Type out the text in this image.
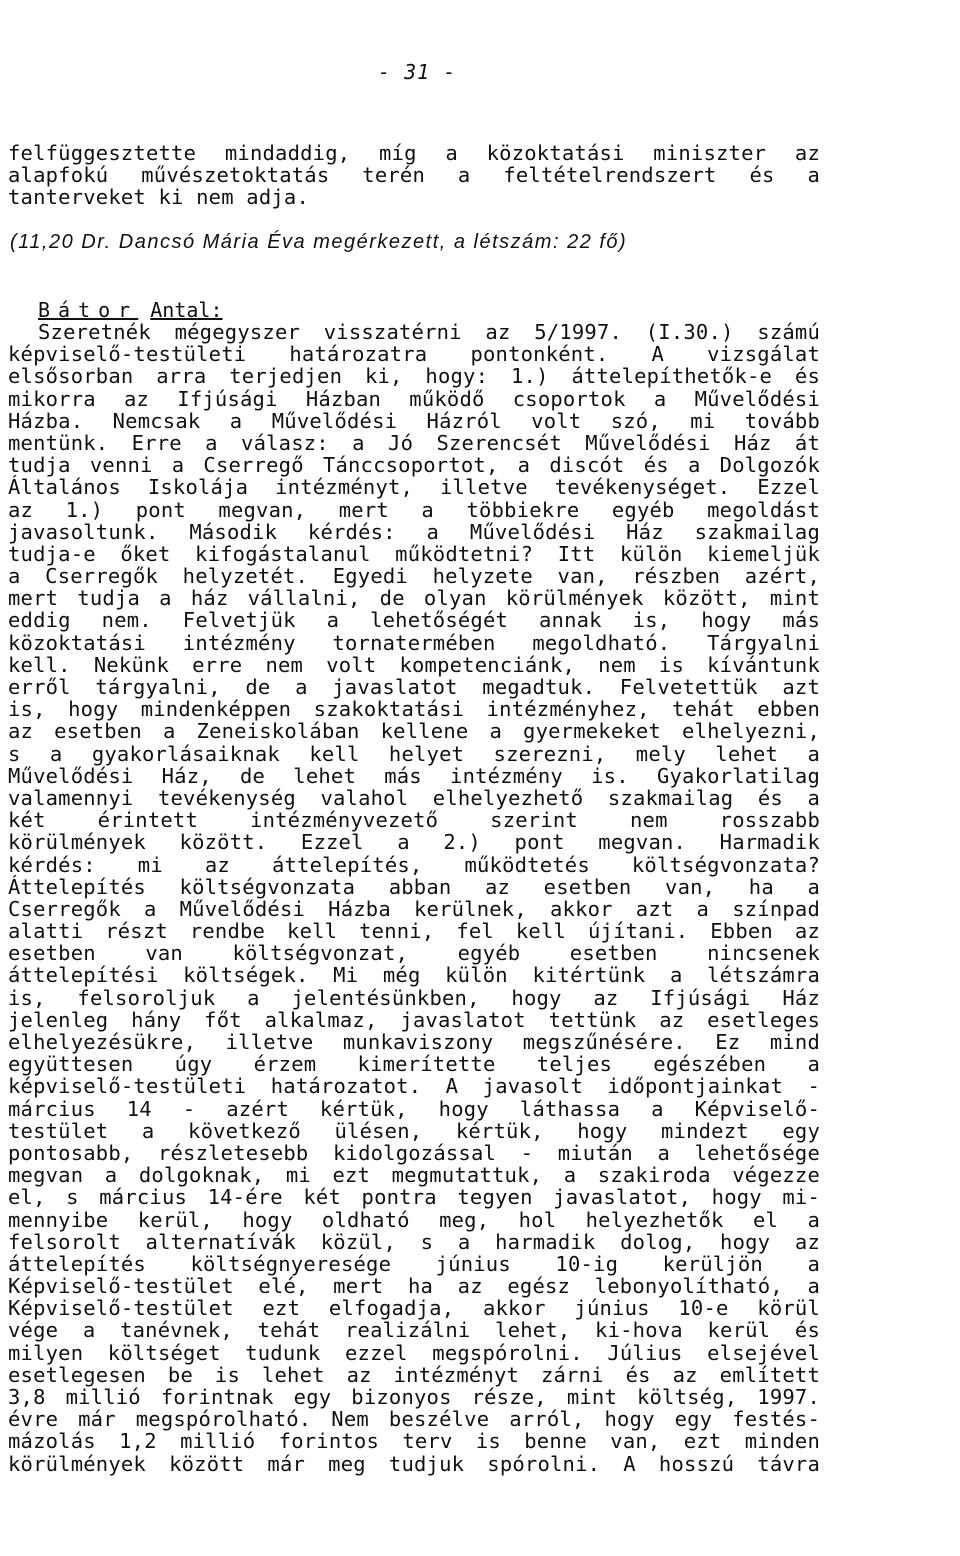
- 31 -
felfüggesztette mindaddig, míg a közoktatási miniszter az
alapfokú művészetoktatás terén a feltételrendszert és a
tanterveket ki nem adja.
(11,20 Dr. Dancsó Mária Éva megérkezett, a létszám: 22 fő)
Bátor Antal:
Szeretnék mégegyszer visszatérni az 5/1997. (I.30.) számú
képviselő-testületi határozatra pontonként. A vizsgálat
elsősorban arra terjedjen ki, hogy: 1.) áttelepíthetők-e és
mikorra az Ifjúsági Házban működő csoportok a Művelődési
Házba. Nemcsak a Művelődési Házról volt szó, mi tovább
mentünk. Erre a válasz: a Jó Szerencsét Művelődési Ház át
tudja venni a Cserregő Tánccsoportot, a discót és a Dolgozók
Általános Iskolája intézményt, illetve tevékenységet. Ezzel
az 1.) pont megvan, mert a többiekre egyéb megoldást
javasoltunk. Második kérdés: a Művelődési Ház szakmailag
tudja-e őket kifogástalanul működtetni? Itt külön kiemeljük
a Cserregők helyzetét. Egyedi helyzete van, részben azért,
mert tudja a ház vállalni, de olyan körülmények között, mint
eddig nem. Felvetjük a lehetőségét annak is, hogy más
közoktatási intézmény tornatermében megoldható. Tárgyalni
kell. Nekünk erre nem volt kompetenciánk, nem is kívántunk
erről tárgyalni, de a javaslatot megadtuk. Felvetettük azt
is, hogy mindenképpen szakoktatási intézményhez, tehát ebben
az esetben a Zeneiskolában kellene a gyermekeket elhelyezni,
s a gyakorlásaiknak kell helyet szerezni, mely lehet a
Művelődési Ház, de lehet más intézmény is. Gyakorlatilag
valamennyi tevékenység valahol elhelyezhető szakmailag és a
két érintett intézményvezető szerint nem rosszabb
körülmények között. Ezzel a 2.) pont megvan. Harmadik
kérdés: mi az áttelepítés, működtetés költségvonzata?
Áttelepítés költségvonzata abban az esetben van, ha a
Cserregők a Művelődési Házba kerülnek, akkor azt a színpad
alatti részt rendbe kell tenni, fel kell újítani. Ebben az
esetben van költségvonzat, egyéb esetben nincsenek
áttelepítési költségek. Mi még külön kitértünk a létszámra
is, felsoroljuk a jelentésünkben, hogy az Ifjúsági Ház
jelenleg hány főt alkalmaz, javaslatot tettünk az esetleges
elhelyezésükre, illetve munkaviszony megszűnésére. Ez mind
együttesen úgy érzem kimerítette teljes egészében a
képviselő-testületi határozatot. A javasolt időpontjainkat -
március 14 - azért kértük, hogy láthassa a Képviselő-
testület a következő ülésen, kértük, hogy mindezt egy
pontosabb, részletesebb kidolgozással - miután a lehetősége
megvan a dolgoknak, mi ezt megmutattuk, a szakiroda végezze
el, s március 14-ére két pontra tegyen javaslatot, hogy mi-
mennyibe kerül, hogy oldható meg, hol helyezhetők el a
felsorolt alternatívák közül, s a harmadik dolog, hogy az
áttelepítés költségnyeresége június 10-ig kerüljön a
Képviselő-testület elé, mert ha az egész lebonyolítható, a
Képviselő-testület ezt elfogadja, akkor június 10-e körül
vége a tanévnek, tehát realizálni lehet, ki-hova kerül és
milyen költséget tudunk ezzel megspórolni. Július elsejével
esetlegesen be is lehet az intézményt zárni és az említett
3,8 millió forintnak egy bizonyos része, mint költség, 1997.
évre már megspórolható. Nem beszélve arról, hogy egy festés-
mázolás 1,2 millió forintos terv is benne van, ezt minden
körülmények között már meg tudjuk spórolni. A hosszú távra
